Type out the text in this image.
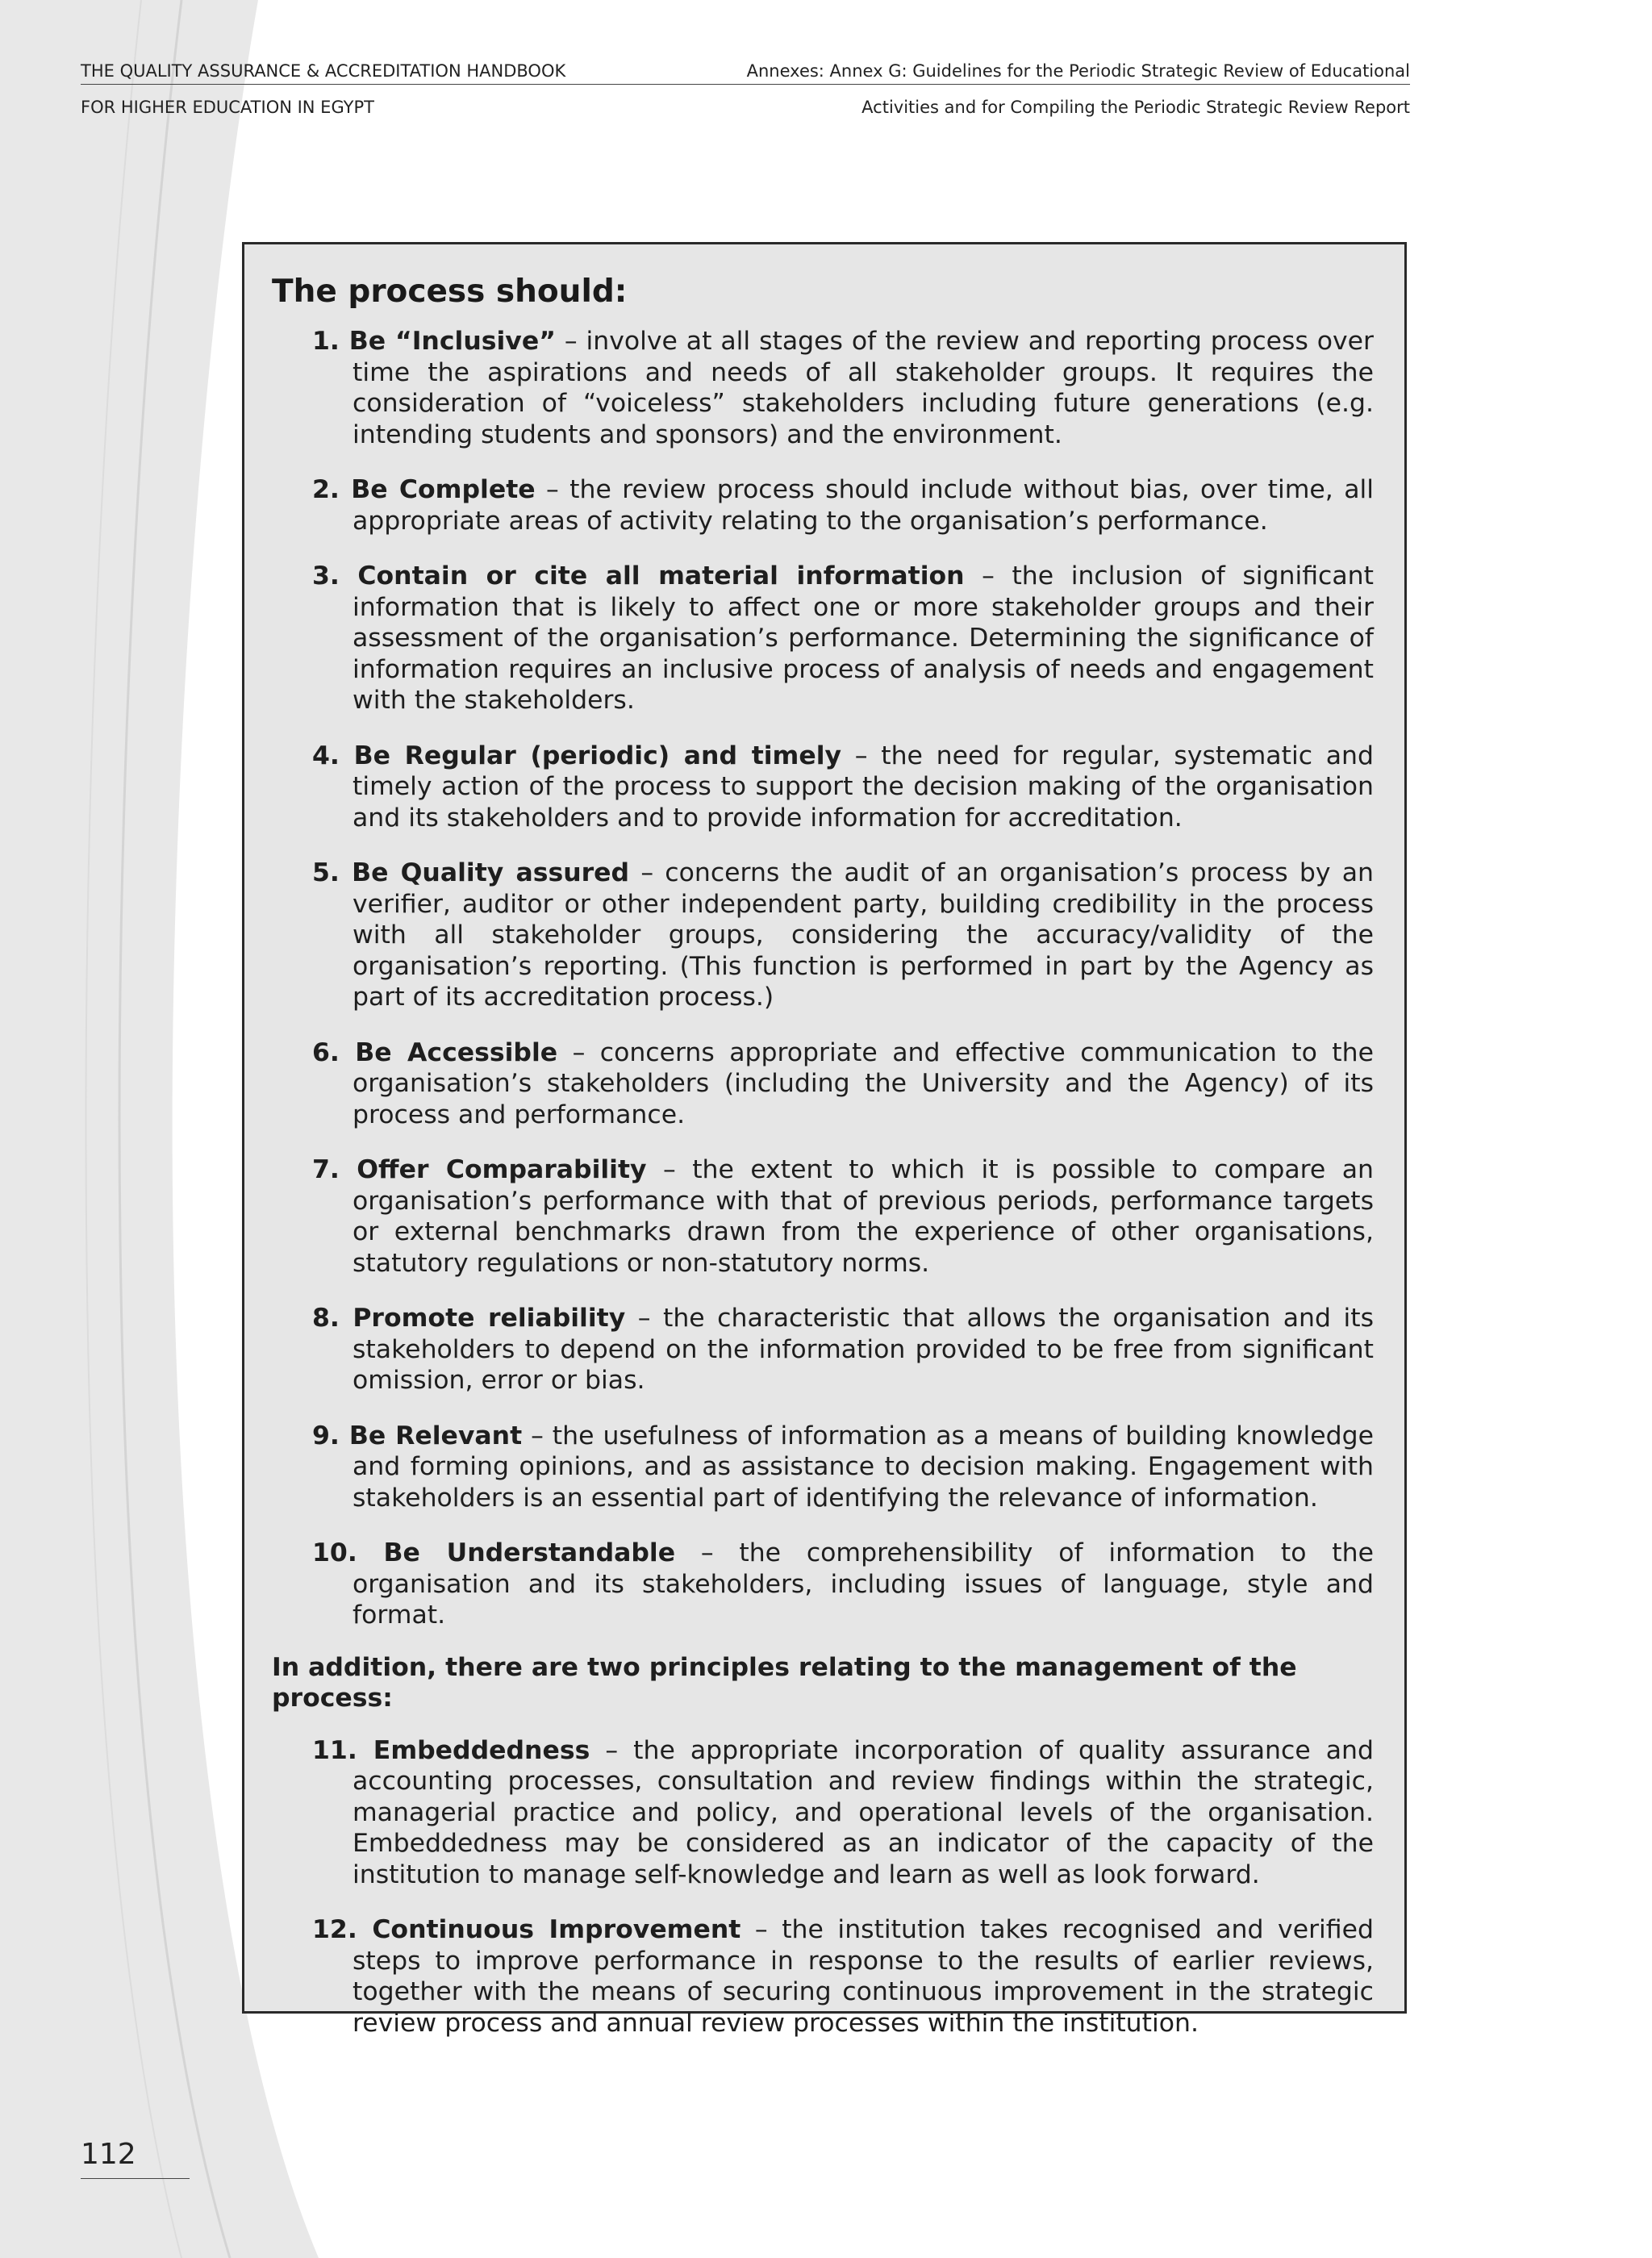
THE QUALITY ASSURANCE & ACCREDITATION HANDBOOK	Annexes: Annex G: Guidelines for the Periodic Strategic Review of Educational
FOR HIGHER EDUCATION IN EGYPT	Activities and for Compiling the Periodic Strategic Review Report
The process should:

1. Be “Inclusive” – involve at all stages of the review and reporting process over time the aspirations and needs of all stakeholder groups. It requires the consideration of “voiceless” stakeholders including future generations (e.g. intending students and sponsors) and the environment.

2. Be Complete – the review process should include without bias, over time, all appropriate areas of activity relating to the organisation’s performance.

3. Contain or cite all material information – the inclusion of significant information that is likely to affect one or more stakeholder groups and their assessment of the organisation’s performance. Determining the significance of information requires an inclusive process of analysis of needs and engagement with the stakeholders.

4. Be Regular (periodic) and timely – the need for regular, systematic and timely action of the process to support the decision making of the organisation and its stakeholders and to provide information for accreditation.

5. Be Quality assured – concerns the audit of an organisation’s process by an verifier, auditor or other independent party, building credibility in the process with all stakeholder groups, considering the accuracy/validity of the organisation’s reporting. (This function is performed in part by the Agency as part of its accreditation process.)

6. Be Accessible – concerns appropriate and effective communication to the organisation’s stakeholders (including the University and the Agency) of its process and performance.

7. Offer Comparability – the extent to which it is possible to compare an organisation’s performance with that of previous periods, performance targets or external benchmarks drawn from the experience of other organisations, statutory regulations or non-statutory norms.

8. Promote reliability – the characteristic that allows the organisation and its stakeholders to depend on the information provided to be free from significant omission, error or bias.

9. Be Relevant – the usefulness of information as a means of building knowledge and forming opinions, and as assistance to decision making. Engagement with stakeholders is an essential part of identifying the relevance of information.

10. Be Understandable – the comprehensibility of information to the organisation and its stakeholders, including issues of language, style and format.

In addition, there are two principles relating to the management of the process:

11. Embeddedness – the appropriate incorporation of quality assurance and accounting processes, consultation and review findings within the strategic, managerial practice and policy, and operational levels of the organisation. Embeddedness may be considered as an indicator of the capacity of the institution to manage self-knowledge and learn as well as look forward.

12. Continuous Improvement – the institution takes recognised and verified steps to improve performance in response to the results of earlier reviews, together with the means of securing continuous improvement in the strategic review process and annual review processes within the institution.

112
